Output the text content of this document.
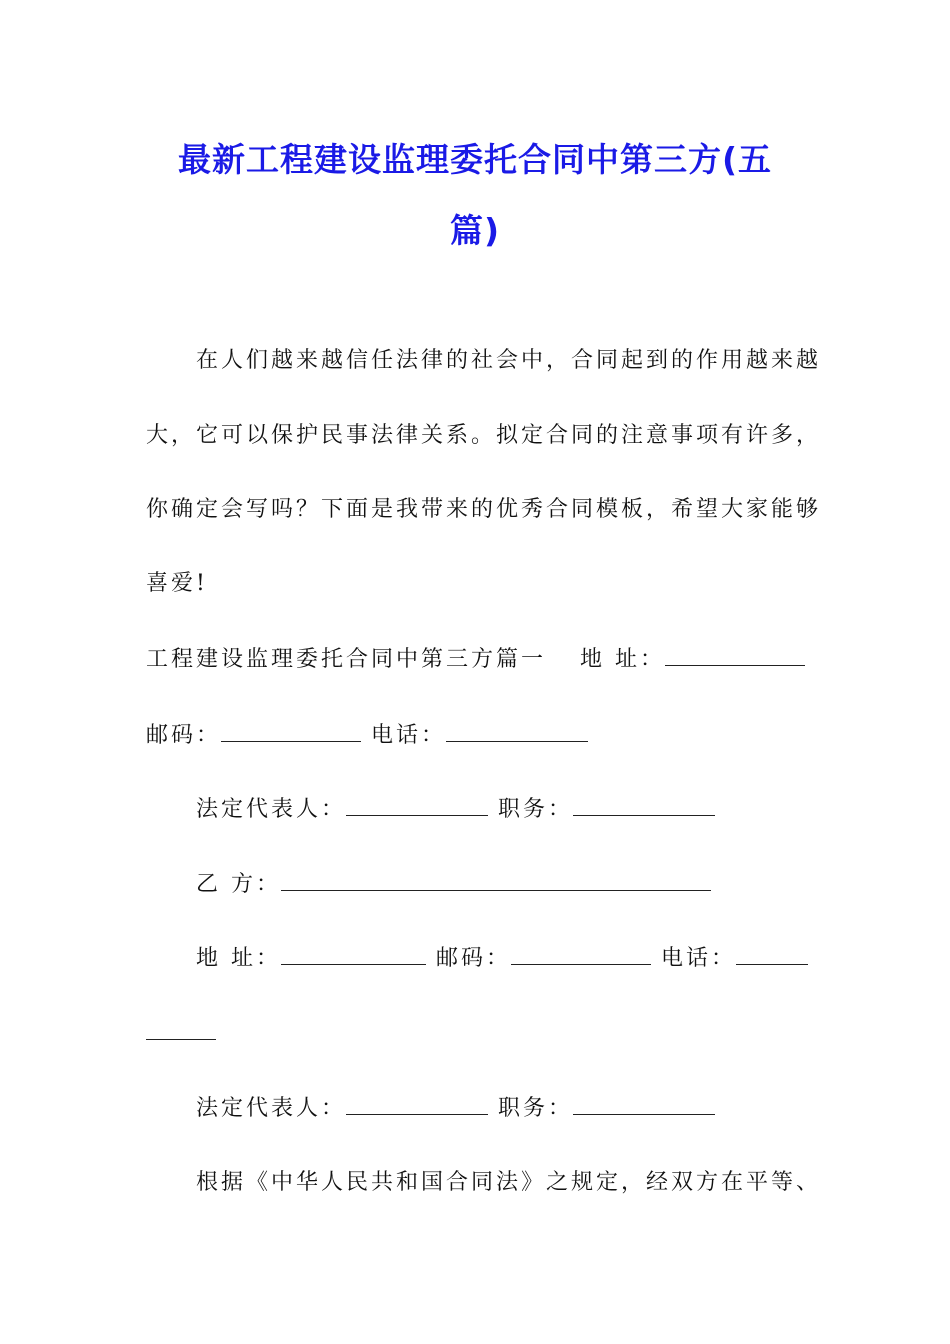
最新工程建设监理委托合同中第三方(五
篇)
在人们越来越信任法律的社会中，合同起到的作用越来越
大，它可以保护民事法律关系。拟定合同的注意事项有许多，
你确定会写吗？下面是我带来的优秀合同模板，希望大家能够
喜爱!
工程建设监理委托合同中第三方篇一 地 址：
邮码：	电话：
法定代表人：	职务：
乙 方：
地 址：	邮码：	电话：
法定代表人：	职务：
根据《中华人民共和国合同法》之规定，经双方在平等、
